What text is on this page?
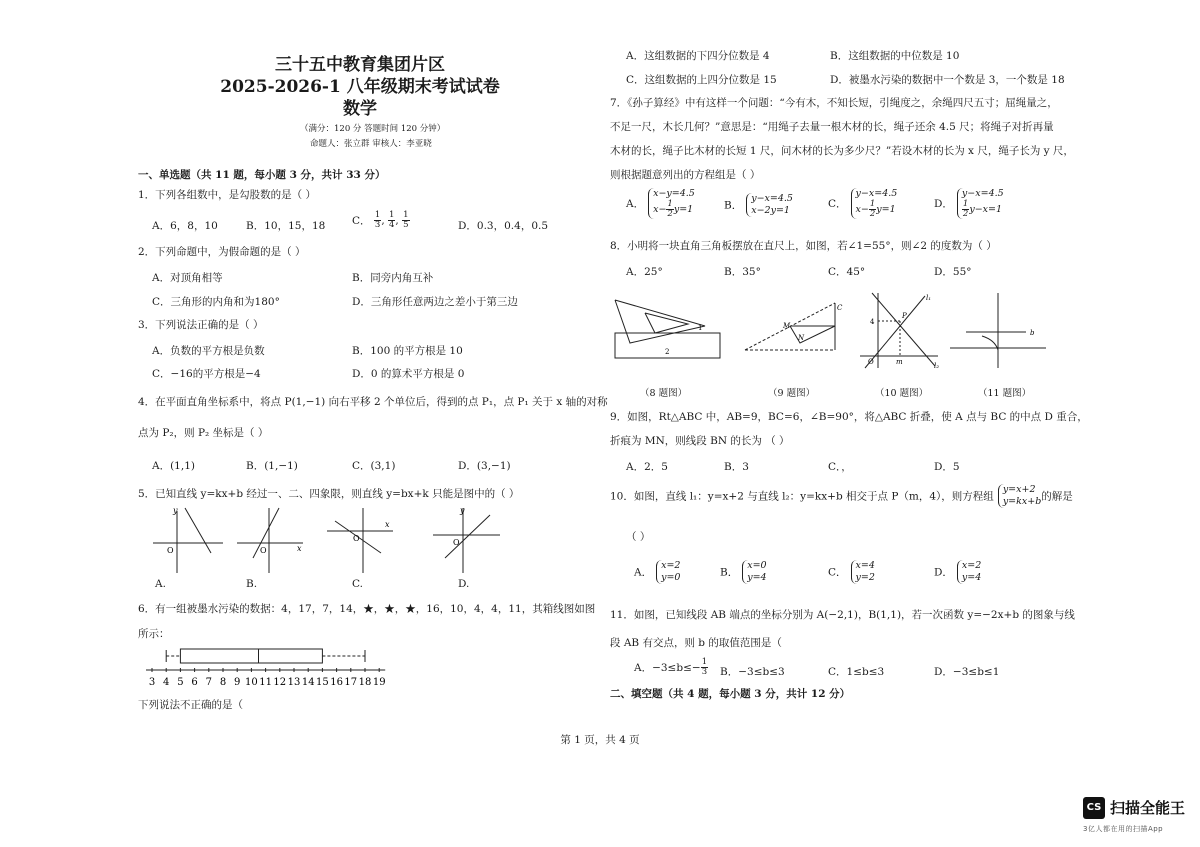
三十五中教育集团片区
2025-2026-1 八年级期末考试试卷
数学
（满分：120 分 答题时间 120 分钟）
命题人：张立群 审核人：李亚晓
一、单选题（共 11 题，每小题 3 分，共计 33 分）
1．下列各组数中，是勾股数的是（ ）
A．6，8，10	B．10，15，18	C． $\frac{1}{3}$ , $\frac{1}{4}$ , $\frac{1}{5}$	D．0.3，0.4，0.5
2．下列命题中，为假命题的是（ ）
A．对顶角相等	B．同旁内角互补
C．三角形的内角和为180°	D．三角形任意两边之差小于第三边
3．下列说法正确的是（ ）
A．负数的平方根是负数	B．100 的平方根是 10
C．−16的平方根是−4	D．0 的算术平方根是 0
4．在平面直角坐标系中，将点 P(1,−1) 向右平移 2 个单位后，得到的点 P₁，点 P₁ 关于 x 轴的对称
点为 P₂，则 P₂ 坐标是（ ）
A．(1,1)	B．(1,−1)	C．(3,1)	D．(3,−1)
5．已知直线 y=kx+b 经过一、二、四象限，则直线 y=bx+k 只能是图中的（ ）
O
y
O	x
O
x
O
y
A.	B.	C.	D.
6．有一组被墨水污染的数据：4，17，7，14，★，★，★，16，10，4，4，11，其箱线图如图
所示：
3 4 5 6 7 8 9 10 11 12 13 14 15 16 17 18 19
下列说法不正确的是（
A．这组数据的下四分位数是 4	B．这组数据的中位数是 10
C．这组数据的上四分位数是 15	D．被墨水污染的数据中一个数是 3，一个数是 18
7．《孙子算经》中有这样一个问题：“今有木，不知长短，引绳度之，余绳四尺五寸；屈绳量之，
不足一尺，木长几何？”意思是：“用绳子去量一根木材的长，绳子还余 4.5 尺；将绳子对折再量
木材的长，绳子比木材的长短 1 尺，问木材的长为多少尺？”若设木材的长为 x 尺，绳子长为 y 尺，
则根据题意列出的方程组是（ ）
A．x−y=4.5
$x- \frac{1}{2} y=1$	B．y−x=4.5
x−2y=1
C．y−x=4.5
$x- \frac{1}{2} y=1$	D．y−x=4.5

$\frac{1}{2} y-x=1$
8．小明将一块直角三角板摆放在直尺上，如图，若∠1=55°，则∠2 的度数为（ ）
A．25°	B．35°	C．45°	D．55°
2
1	M
C
N
l₁
l₂
P
4
m
O
b
（8 题图）	（9 题图）	（10 题图）	（11 题图）
9．如图，Rt△ABC 中，AB=9，BC=6，∠B=90°，将△ABC 折叠，使 A 点与 BC 的中点 D 重合，
折痕为 MN，则线段 BN 的长为 （ ）
A．2．5	B．3	C．，	D．5
10．如图，直线 l₁：y=x+2 与直线 l₂：y=kx+b 相交于点 P（m，4），则方程组y=x+2
y=kx+b的解是
（ ）
A．x=2
y=0	B．x=0
y=4	C．x=4
y=2	D．x=2
y=4
11．如图，已知线段 AB 端点的坐标分别为 A(−2,1)，B(1,1)，若一次函数 y=−2x+b 的图象与线
段 AB 有交点，则 b 的取值范围是（
A．$-3\le b\le- \frac{1}{3}$ B．−3≤b≤3	C．1≤b≤3	D．−3≤b≤1
二、填空题（共 4 题，每小题 3 分，共计 12 分）
第 1 页，共 4 页
CS 扫描全能王
3亿人都在用的扫描App
